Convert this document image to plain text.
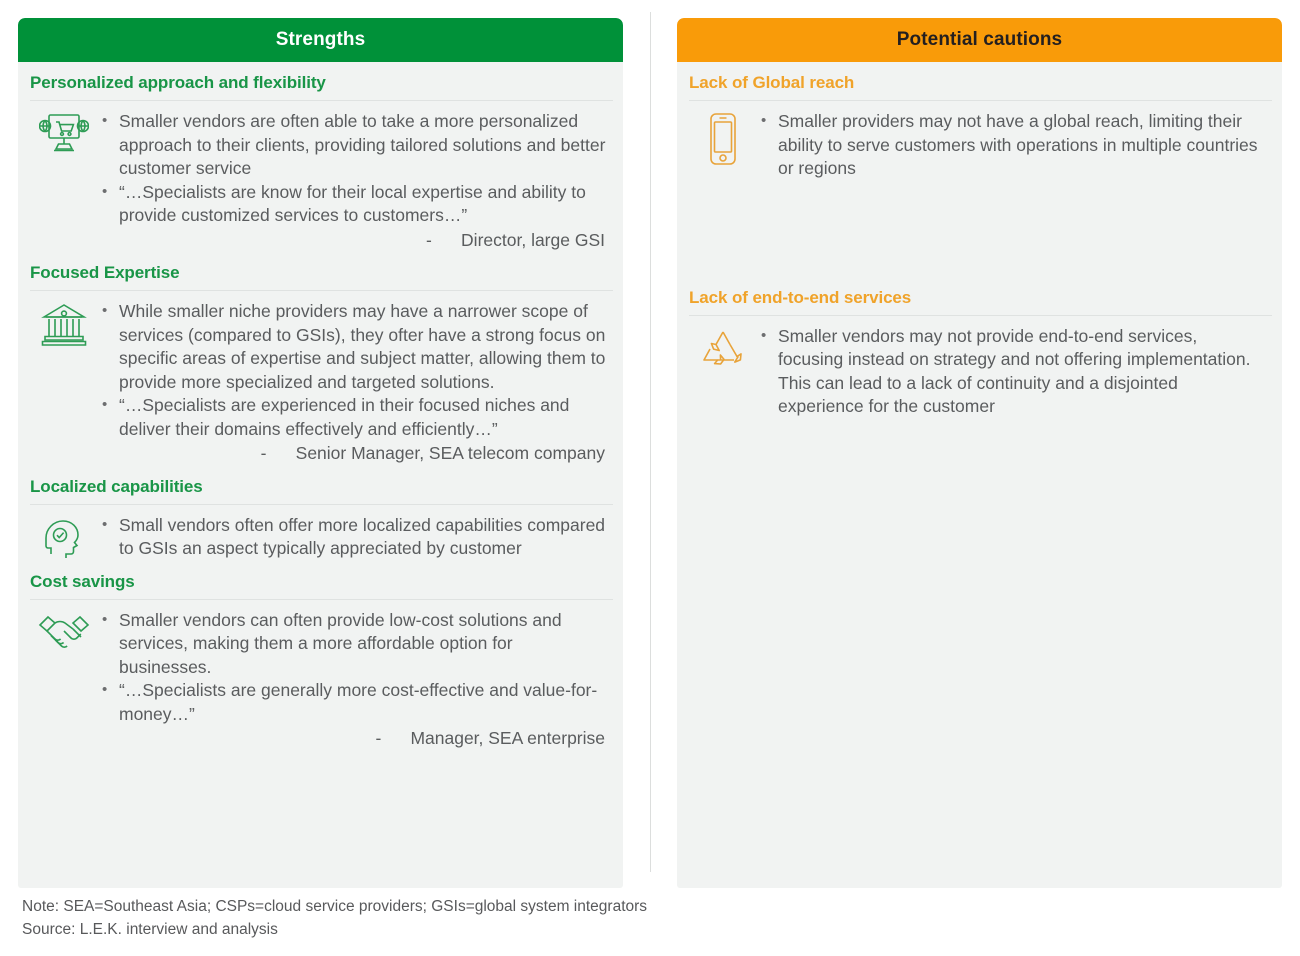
Strengths
Personalized approach and flexibility
• Smaller vendors are often able to take a more personalized approach to their clients, providing tailored solutions and better customer service
• “…Specialists are know for their local expertise and ability to provide customized services to customers…”
-      Director, large GSI
Focused Expertise
• While smaller niche providers may have a narrower scope of services (compared to GSIs), they ofter have a strong focus on specific areas of expertise and subject matter, allowing them to provide more specialized and targeted solutions.
• “…Specialists are experienced in their focused niches and deliver their domains effectively and efficiently…”
-      Senior Manager, SEA telecom company
Localized capabilities
• Small vendors often offer more localized capabilities compared to GSIs an aspect typically appreciated by customer
Cost savings
• Smaller vendors can often provide low-cost solutions and services, making them a more affordable option for businesses.
• “…Specialists are generally more cost-effective and value-for-money…”
-      Manager, SEA enterprise
Potential cautions
Lack of Global reach
• Smaller providers may not have a global reach, limiting their ability to serve customers with operations in multiple countries or regions
Lack of end-to-end services
• Smaller vendors may not provide end-to-end services, focusing instead on strategy and not offering implementation. This can lead to a lack of continuity and a disjointed experience for the customer
Note: SEA=Southeast Asia; CSPs=cloud service providers; GSIs=global system integrators
Source: L.E.K. interview and analysis
